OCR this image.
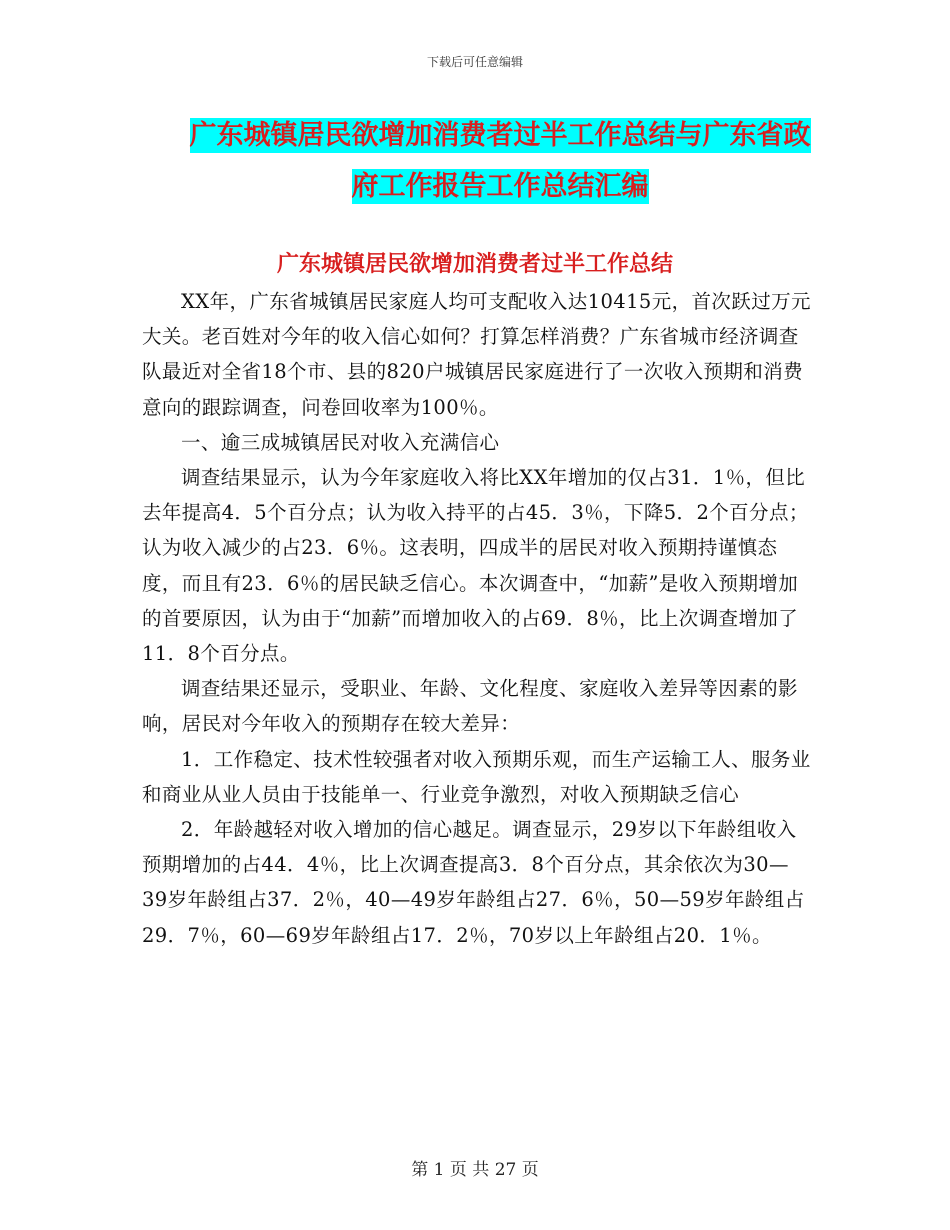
下载后可任意编辑
广东城镇居民欲增加消费者过半工作总结与广东省政
府工作报告工作总结汇编
广东城镇居民欲增加消费者过半工作总结

XX年，广东省城镇居民家庭人均可支配收入达10415元，首次跃过万元大关。老百姓对今年的收入信心如何？打算怎样消费？广东省城市经济调查队最近对全省18个市、县的820户城镇居民家庭进行了一次收入预期和消费意向的跟踪调查，问卷回收率为100％。

一、逾三成城镇居民对收入充满信心

调查结果显示，认为今年家庭收入将比XX年增加的仅占31．1％，但比去年提高4．5个百分点；认为收入持平的占45．3％，下降5．2个百分点；认为收入减少的占23．6％。这表明，四成半的居民对收入预期持谨慎态度，而且有23．6％的居民缺乏信心。本次调查中，“加薪”是收入预期增加的首要原因，认为由于“加薪”而增加收入的占69．8％，比上次调查增加了11．8个百分点。

调查结果还显示，受职业、年龄、文化程度、家庭收入差异等因素的影响，居民对今年收入的预期存在较大差异：

1．工作稳定、技术性较强者对收入预期乐观，而生产运输工人、服务业和商业从业人员由于技能单一、行业竞争激烈，对收入预期缺乏信心

2．年龄越轻对收入增加的信心越足。调查显示，29岁以下年龄组收入预期增加的占44．4％，比上次调查提高3．8个百分点，其余依次为30—39岁年龄组占37．2％，40—49岁年龄组占27．6％，50—59岁年龄组占29．7％，60—69岁年龄组占17．2％，70岁以上年龄组占20．1％。

第 1 页 共 27 页
